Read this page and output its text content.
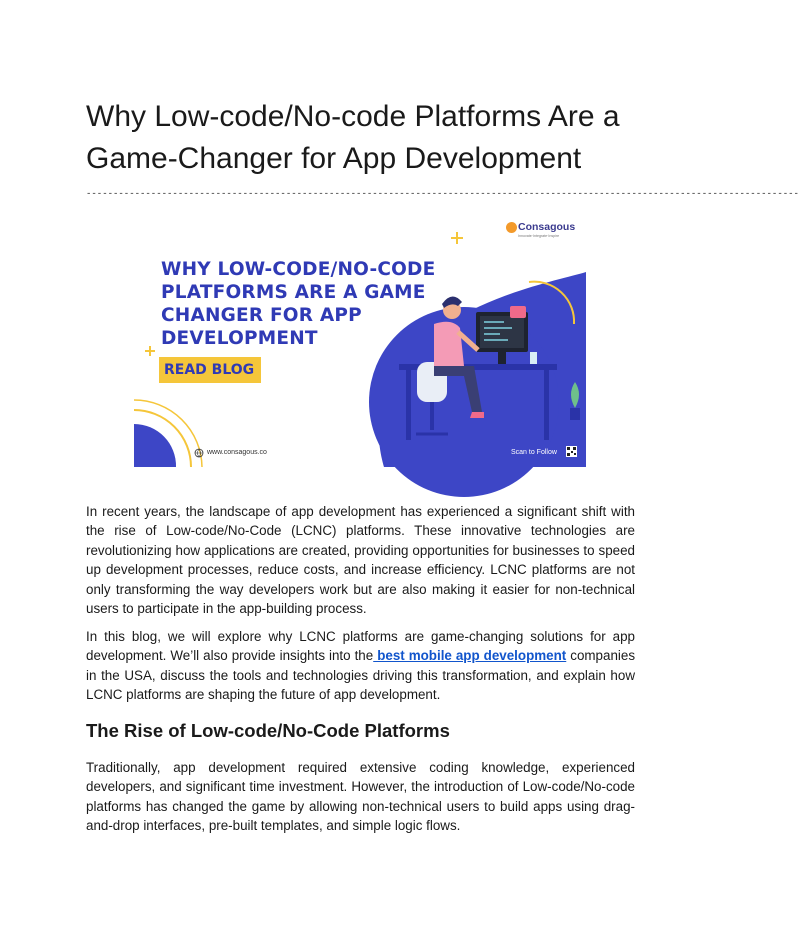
Why Low-code/No-code Platforms Are a Game-Changer for App Development
------------------------------------------------------------------------------------------------------------------------------------
WHY LOW-CODE/NO-CODE PLATFORMS ARE A GAME CHANGER FOR APP DEVELOPMENT
READ BLOG
Consagous
Innovate·Integrate·Inspire
www.consagous.co	Scan to Follow

In recent years, the landscape of app development has experienced a significant shift with the rise of Low-code/No-Code (LCNC) platforms. These innovative technologies are revolutionizing how applications are created, providing opportunities for businesses to speed up development processes, reduce costs, and increase efficiency. LCNC platforms are not only transforming the way developers work but are also making it easier for non-technical users to participate in the app-building process.

In this blog, we will explore why LCNC platforms are game-changing solutions for app development. We’ll also provide insights into the best mobile app development companies in the USA, discuss the tools and technologies driving this transformation, and explain how LCNC platforms are shaping the future of app development.

The Rise of Low-code/No-Code Platforms

Traditionally, app development required extensive coding knowledge, experienced developers, and significant time investment. However, the introduction of Low-code/No-code platforms has changed the game by allowing non-technical users to build apps using drag-and-drop interfaces, pre-built templates, and simple logic flows.
